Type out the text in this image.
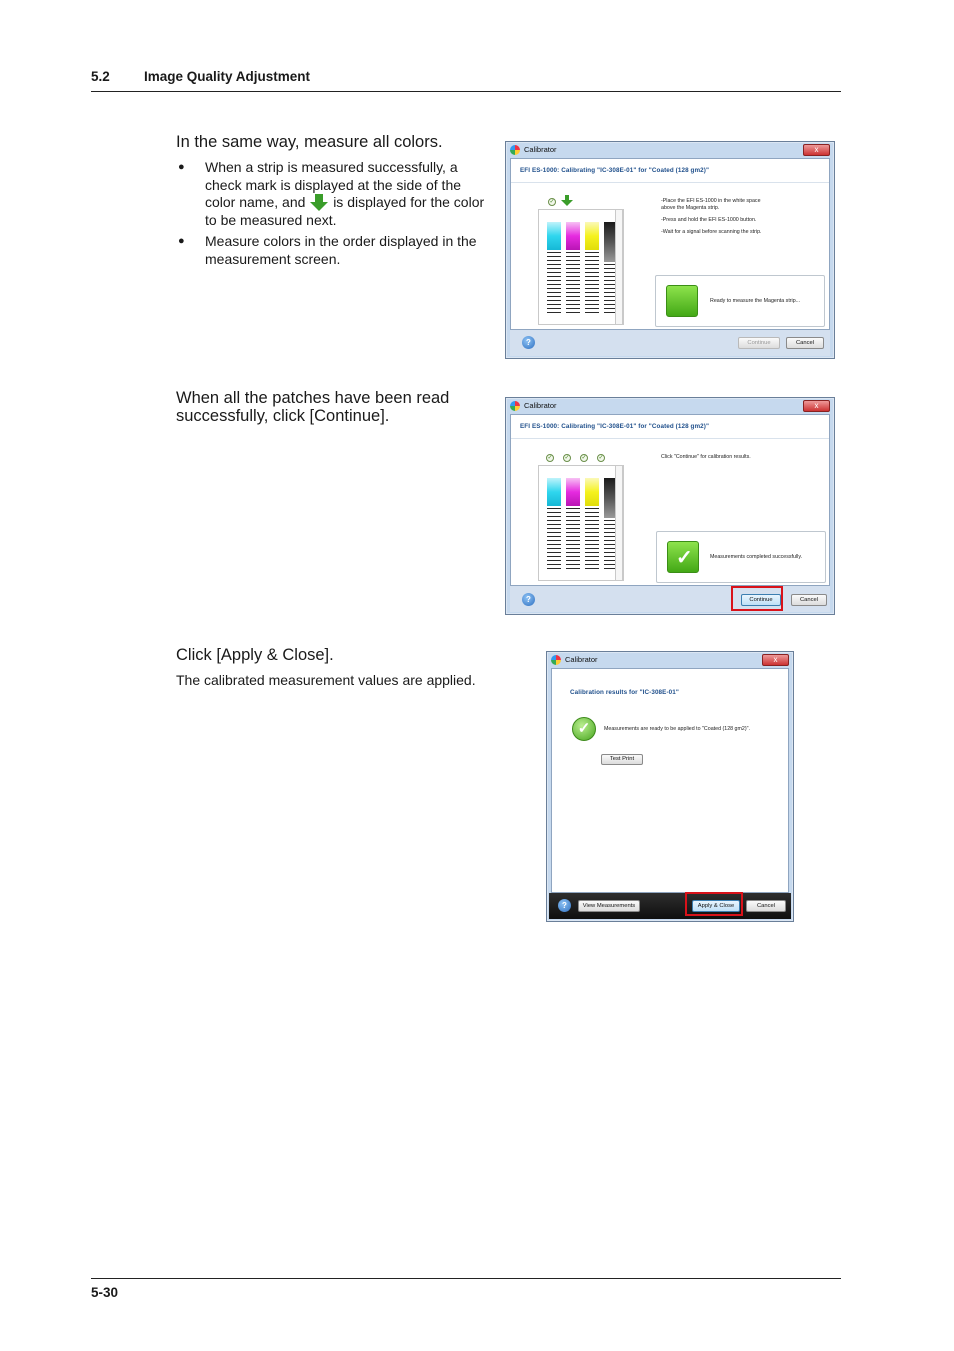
5.2	Image Quality Adjustment
In the same way, measure all colors.
● When a strip is measured successfully, a check mark is displayed at the side of the color name, and is displayed for the color to be measured next.
● Measure colors in the order displayed in the measurement screen.
Calibrator	x
EFI ES-1000: Calibrating "IC-308E-01" for "Coated (128 gm2)"
✓	-Place the EFI ES-1000 in the white space
above the Magenta strip.
-Press and hold the EFI ES-1000 button.
-Wait for a signal before scanning the strip.
Ready to measure the Magenta strip...
?	Continue	Cancel
When all the patches have been read successfully, click [Continue].
Calibrator	x
EFI ES-1000: Calibrating "IC-308E-01" for "Coated (128 gm2)"
✓ ✓ ✓ ✓	Click "Continue" for calibration results.
✓	Measurements completed successfully.
?	Continue	Cancel
Click [Apply & Close].
The calibrated measurement values are applied.
Calibrator	x
Calibration results for "IC-308E-01"
✓	Measurements are ready to be applied to "Coated (128 gm2)".
Test Print
?	View Measurements	Apply & Close	Cancel
5-30
